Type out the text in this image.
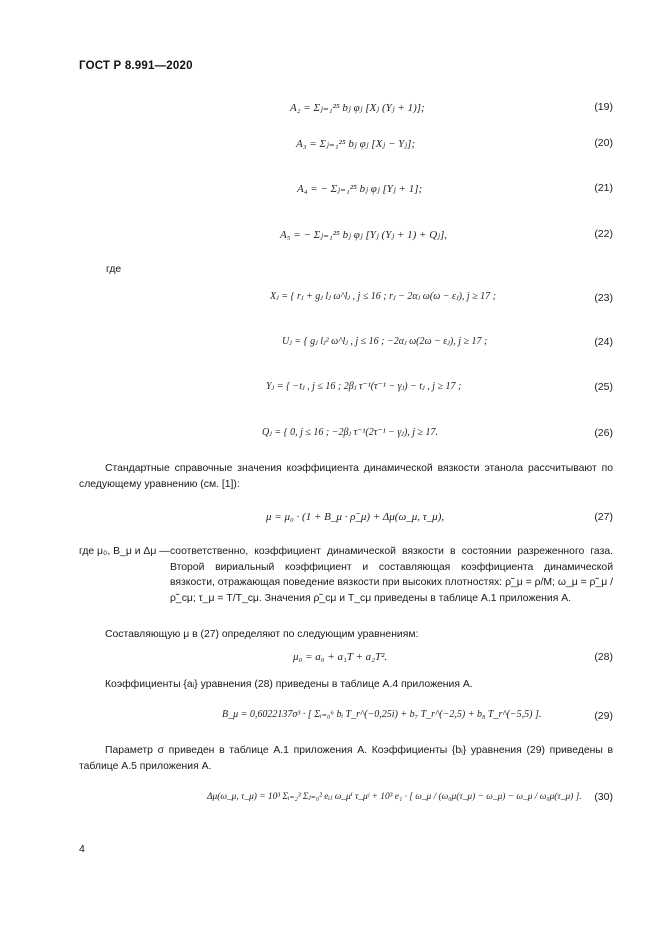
ГОСТ Р 8.991—2020
A₂ = Σⱼ₌₁²⁵ bⱼ φⱼ [Xⱼ (Yⱼ + 1)];	(19)
A₃ = Σⱼ₌₁²⁵ bⱼ φⱼ [Xⱼ − Yⱼ];	(20)
A₄ = − Σⱼ₌₁²⁵ bⱼ φⱼ [Yⱼ + 1];	(21)
A₅ = − Σⱼ₌₁²⁵ bⱼ φⱼ [Yⱼ (Yⱼ + 1) + Qⱼ],	(22)
где
Xⱼ = { rⱼ + gⱼ lⱼ ω^lⱼ , j ≤ 16 ; rⱼ − 2αⱼ ω(ω − εⱼ), j ≥ 17 ;	(23)
Uⱼ = { gⱼ lⱼ² ω^lⱼ , j ≤ 16 ; −2αⱼ ω(2ω − εⱼ), j ≥ 17 ;	(24)
Yⱼ = { −tⱼ , j ≤ 16 ; 2βⱼ τ⁻¹(τ⁻¹ − γⱼ) − tⱼ , j ≥ 17 ;	(25)
Qⱼ = { 0, j ≤ 16 ; −2βⱼ τ⁻¹(2τ⁻¹ − γⱼ), j ≥ 17.	(26)
Стандартные справочные значения коэффициента динамической вязкости этанола рассчитывают по следующему уравнению (см. [1]):
μ = μ₀ · (1 + B_μ · ρ̃_μ) + Δμ(ω_μ, τ_μ),	(27)
где μ₀, B_μ и Δμ — соответственно, коэффициент динамической вязкости в состоянии разреженного газа. Второй вириальный коэффициент и составляющая коэффициента динамической вязкости, отражающая поведение вязкости при высоких плотностях: ρ̃_μ = ρ/M; ω_μ = ρ̃_μ / ρ̃_сμ; τ_μ = T/T_сμ. Значения ρ̃_сμ и T_сμ приведены в таблице А.1 приложения А.
Составляющую μ в (27) определяют по следующим уравнениям:
μ₀ = a₀ + a₁T + a₂T².	(28)
Коэффициенты {aᵢ} уравнения (28) приведены в таблице А.4 приложения А.
B_μ = 0,6022137σ³ · [ Σᵢ₌₀⁶ bᵢ T_r^(−0,25i) + b₇ T_r^(−2,5) + b₈ T_r^(−5,5) ].	(29)
Параметр σ приведен в таблице А.1 приложения А. Коэффициенты {bᵢ} уравнения (29) приведены в таблице А.5 приложения А.
Δμ(ω_μ, τ_μ) = 10³ Σᵢ₌₂³ Σⱼ₌₀² eᵢⱼ ω_μⁱ τ_μʲ + 10³ e₁ · [ ω_μ / (ω₀μ(τ_μ) − ω_μ) − ω_μ / ω₀μ(τ_μ) ]. (30)
4
